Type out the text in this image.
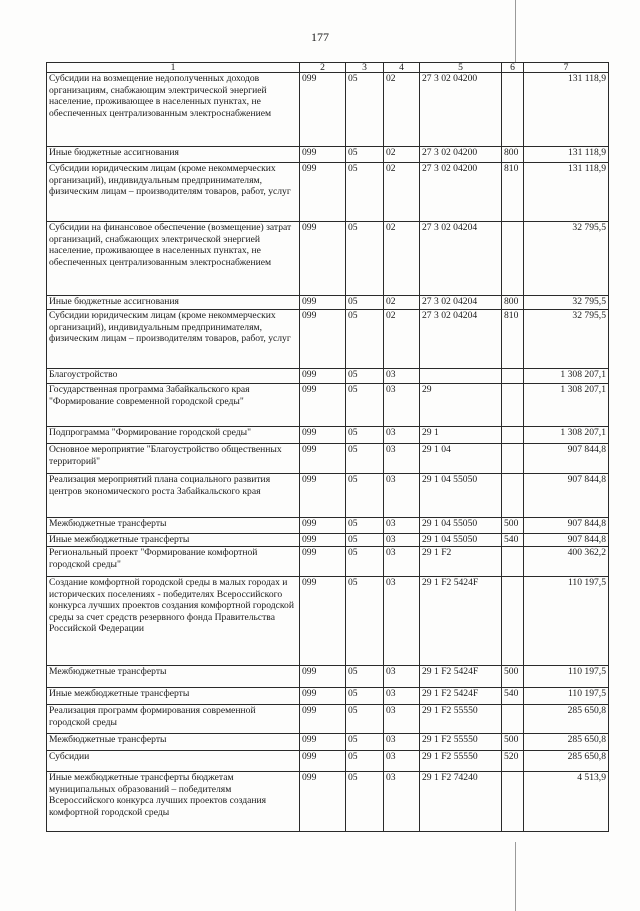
177
1	2	3	4	5	6	7
Субсидии на возмещение недополученных доходов организациям, снабжающим электрической энергией население, проживающее в населенных пунктах, не обеспеченных централизованным электроснабжением	099	05	02	27 3 02 04200		131 118,9
Иные бюджетные ассигнования	099	05	02	27 3 02 04200	800	131 118,9
Субсидии юридическим лицам (кроме некоммерческих организаций), индивидуальным предпринимателям, физическим лицам – производителям товаров, работ, услуг	099	05	02	27 3 02 04200	810	131 118,9
Субсидии на финансовое обеспечение (возмещение) затрат организаций, снабжающих электрической энергией население, проживающее в населенных пунктах, не обеспеченных централизованным электроснабжением	099	05	02	27 3 02 04204		32 795,5
Иные бюджетные ассигнования	099	05	02	27 3 02 04204	800	32 795,5
Субсидии юридическим лицам (кроме некоммерческих организаций), индивидуальным предпринимателям, физическим лицам – производителям товаров, работ, услуг	099	05	02	27 3 02 04204	810	32 795,5
Благоустройство	099	05	03			1 308 207,1
Государственная программа Забайкальского края "Формирование современной городской среды"	099	05	03	29		1 308 207,1
Подпрограмма "Формирование городской среды"	099	05	03	29 1		1 308 207,1
Основное мероприятие "Благоустройство общественных территорий"	099	05	03	29 1 04		907 844,8
Реализация мероприятий плана социального развития центров экономического роста Забайкальского края	099	05	03	29 1 04 55050		907 844,8
Межбюджетные трансферты	099	05	03	29 1 04 55050	500	907 844,8
Иные межбюджетные трансферты	099	05	03	29 1 04 55050	540	907 844,8
Региональный проект "Формирование комфортной городской среды"	099	05	03	29 1 F2		400 362,2
Создание комфортной городской среды в малых городах и исторических поселениях - победителях Всероссийского конкурса лучших проектов создания комфортной городской среды за счет средств резервного фонда Правительства Российской Федерации	099	05	03	29 1 F2 5424F		110 197,5
Межбюджетные трансферты	099	05	03	29 1 F2 5424F	500	110 197,5
Иные межбюджетные трансферты	099	05	03	29 1 F2 5424F	540	110 197,5
Реализация программ формирования современной городской среды	099	05	03	29 1 F2 55550		285 650,8
Межбюджетные трансферты	099	05	03	29 1 F2 55550	500	285 650,8
Субсидии	099	05	03	29 1 F2 55550	520	285 650,8
Иные межбюджетные трансферты бюджетам муниципальных образований – победителям Всероссийского конкурса лучших проектов создания комфортной городской среды	099	05	03	29 1 F2 74240		4 513,9
